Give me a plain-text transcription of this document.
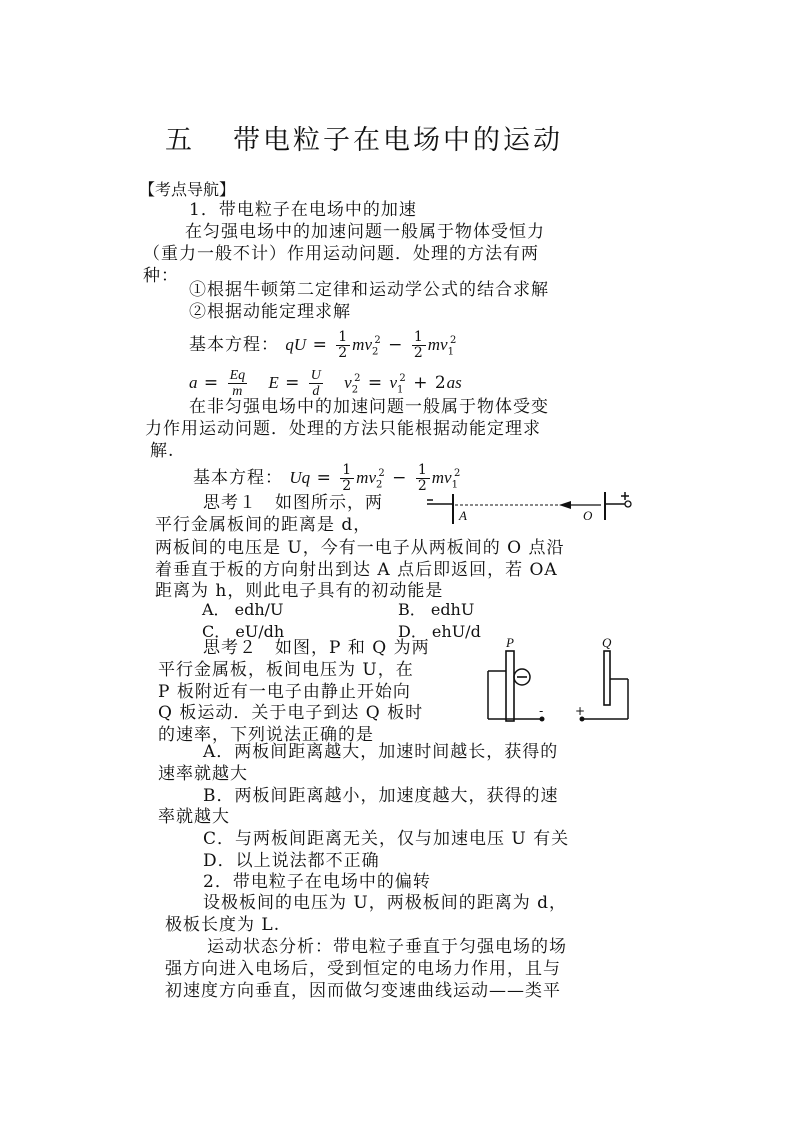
五 带电粒子在电场中的运动
【考点导航】
1．带电粒子在电场中的加速
在匀强电场中的加速问题一般属于物体受恒力
（重力一般不计）作用运动问题．处理的方法有两
种：
①根据牛顿第二定律和运动学公式的结合求解
②根据动能定理求解
基本方程： qU = $\frac{1}{2} mv_2^2 - \frac{1}{2} mv_1^2$
$a = \frac{Eq}{m}$ $E = \frac{U}{d} v_2^2 = v_1^2 + 2as$
在非匀强电场中的加速问题一般属于物体受变
力作用运动问题．处理的方法只能根据动能定理求
解.
基本方程： $Uq = \frac{1}{2} mv_2^2 - \frac{1}{2} mv_1^2$
思考１　如图所示，两
平行金属板间的距离是 d，
两板间的电压是 U，今有一电子从两板间的 O 点沿
着垂直于板的方向射出到达 A 点后即返回，若 OA
距离为 h，则此电子具有的初动能是
A． edh/U	B． edhU
C． eU/dh	D． ehU/d
A	O
思考２　如图，P 和 Q 为两
平行金属板，板间电压为 U，在
P 板附近有一电子由静止开始向
Q 板运动．关于电子到达 Q 板时
的速率，下列说法正确的是
-	+
P	Q
A．两板间距离越大，加速时间越长，获得的
速率就越大
B．两板间距离越小，加速度越大，获得的速
率就越大
C．与两板间距离无关，仅与加速电压 U 有关
D．以上说法都不正确
2．带电粒子在电场中的偏转
设极板间的电压为 U，两极板间的距离为 d，
极板长度为 L.
运动状态分析：带电粒子垂直于匀强电场的场
强方向进入电场后，受到恒定的电场力作用，且与
初速度方向垂直，因而做匀变速曲线运动——类平
